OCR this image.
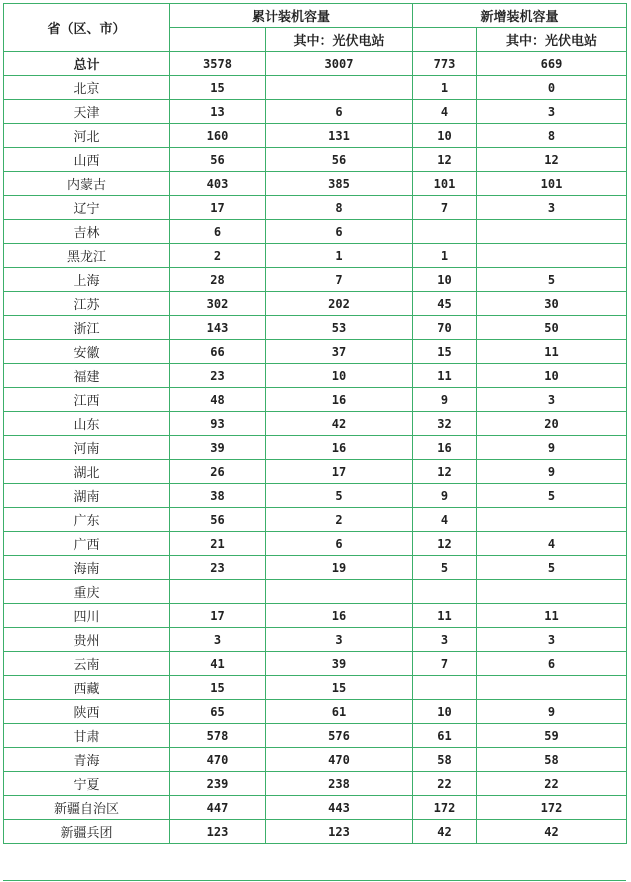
省（区、市）	累计装机容量		新增装机容量	
		其中：光伏电站		其中：光伏电站
总计	3578	3007	773	669
北京	15		1	0
天津	13	6	4	3
河北	160	131	10	8
山西	56	56	12	12
内蒙古	403	385	101	101
辽宁	17	8	7	3
吉林	6	6		
黑龙江	2	1	1	
上海	28	7	10	5
江苏	302	202	45	30
浙江	143	53	70	50
安徽	66	37	15	11
福建	23	10	11	10
江西	48	16	9	3
山东	93	42	32	20
河南	39	16	16	9
湖北	26	17	12	9
湖南	38	5	9	5
广东	56	2	4	
广西	21	6	12	4
海南	23	19	5	5
重庆				
四川	17	16	11	11
贵州	3	3	3	3
云南	41	39	7	6
西藏	15	15		
陕西	65	61	10	9
甘肃	578	576	61	59
青海	470	470	58	58
宁夏	239	238	22	22
新疆自治区	447	443	172	172
新疆兵团	123	123	42	42
